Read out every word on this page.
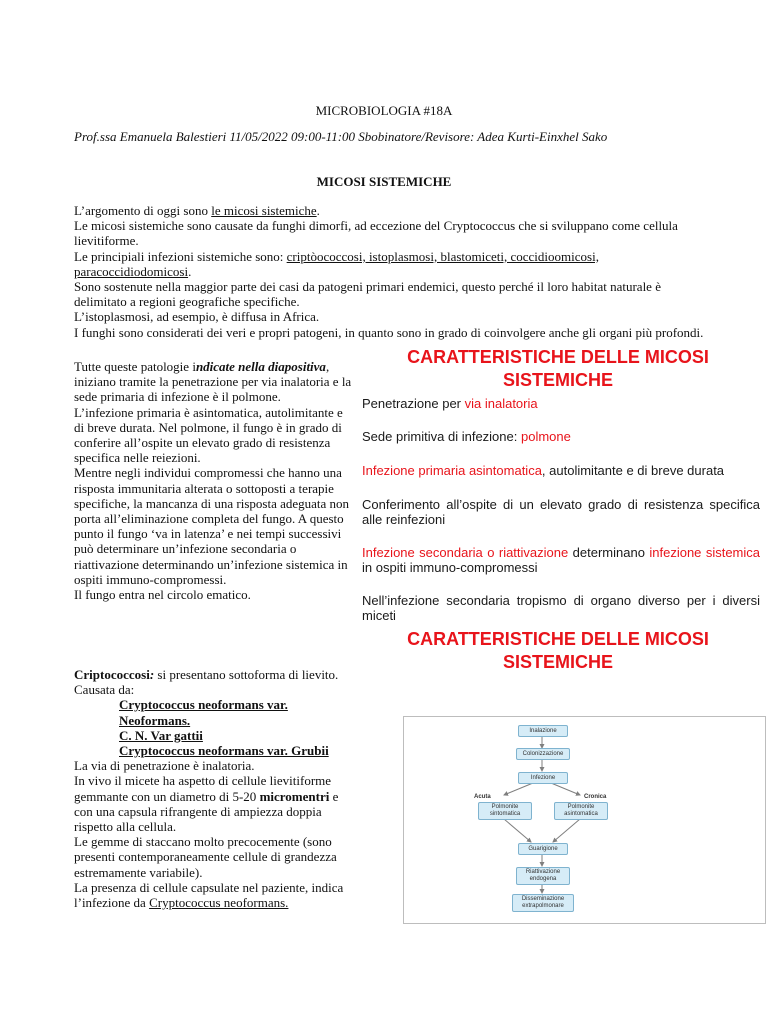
MICROBIOLOGIA #18A
Prof.ssa Emanuela Balestieri 11/05/2022 09:00-11:00 Sbobinatore/Revisore: Adea Kurti-Einxhel Sako
MICOSI SISTEMICHE

L’argomento di oggi sono le micosi sistemiche.

Le micosi sistemiche sono causate da funghi dimorfi, ad eccezione del Cryptococcus che si sviluppano come cellula lievitiforme.

Le principiali infezioni sistemiche sono: criptòococcosi, istoplasmosi, blastomiceti, coccidioomicosi, paracoccidiodomicosi.

Sono sostenute nella maggior parte dei casi da patogeni primari endemici, questo perché il loro habitat naturale è delimitato a regioni geografiche specifiche.

L’istoplasmosi, ad esempio, è diffusa in Africa.

I funghi sono considerati dei veri e propri patogeni, in quanto sono in grado di coinvolgere anche gli organi più profondi.

Tutte queste patologie indicate nella diapositiva, iniziano tramite la penetrazione per via inalatoria e la sede primaria di infezione è il polmone.

L’infezione primaria è asintomatica, autolimitante e di breve durata. Nel polmone, il fungo è in grado di conferire all’ospite un elevato grado di resistenza specifica nelle reiezioni.

Mentre negli individui compromessi che hanno una risposta immunitaria alterata o sottoposti a terapie specifiche, la mancanza di una risposta adeguata non porta all’eliminazione completa del fungo. A questo punto il fungo ‘va in latenza’ e nei tempi successivi può determinare un’infezione secondaria o riattivazione determinando un’infezione sistemica in ospiti immuno-compromessi.

Il fungo entra nel circolo ematico.

Criptococcosi: si presentano sottoforma di lievito.

Causata da:

Cryptococcus neoformans var. Neoformans.

C. N. Var gattii

Cryptococcus neoformans var. Grubii

La via di penetrazione è inalatoria.

In vivo il micete ha aspetto di cellule lievitiforme gemmante con un diametro di 5-20 micromentri e con una capsula rifrangente di ampiezza doppia rispetto alla cellula.

Le gemme di staccano molto precocemente (sono presenti contemporaneamente cellule di grandezza estremamente variabile).

La presenza di cellule capsulate nel paziente, indica l’infezione da Cryptococcus neoformans.

CARATTERISTICHE DELLE MICOSI SISTEMICHE
Penetrazione per via inalatoria
Sede primitiva di infezione: polmone
Infezione primaria asintomatica, autolimitante e di breve durata
Conferimento all’ospite di un elevato grado di resistenza specifica alle reinfezioni
Infezione secondaria o riattivazione determinano infezione sistemica in ospiti immuno-compromessi
Nell’infezione secondaria tropismo di organo diverso per i diversi miceti
CARATTERISTICHE DELLE MICOSI SISTEMICHE
Inalazione
Colonizzazione
Infezione
Acuta	Cronica
Polmonite sintomatica
Polmonite asintomatica
Guarigione
Riattivazione endogena
Disseminazione extrapolmonare
